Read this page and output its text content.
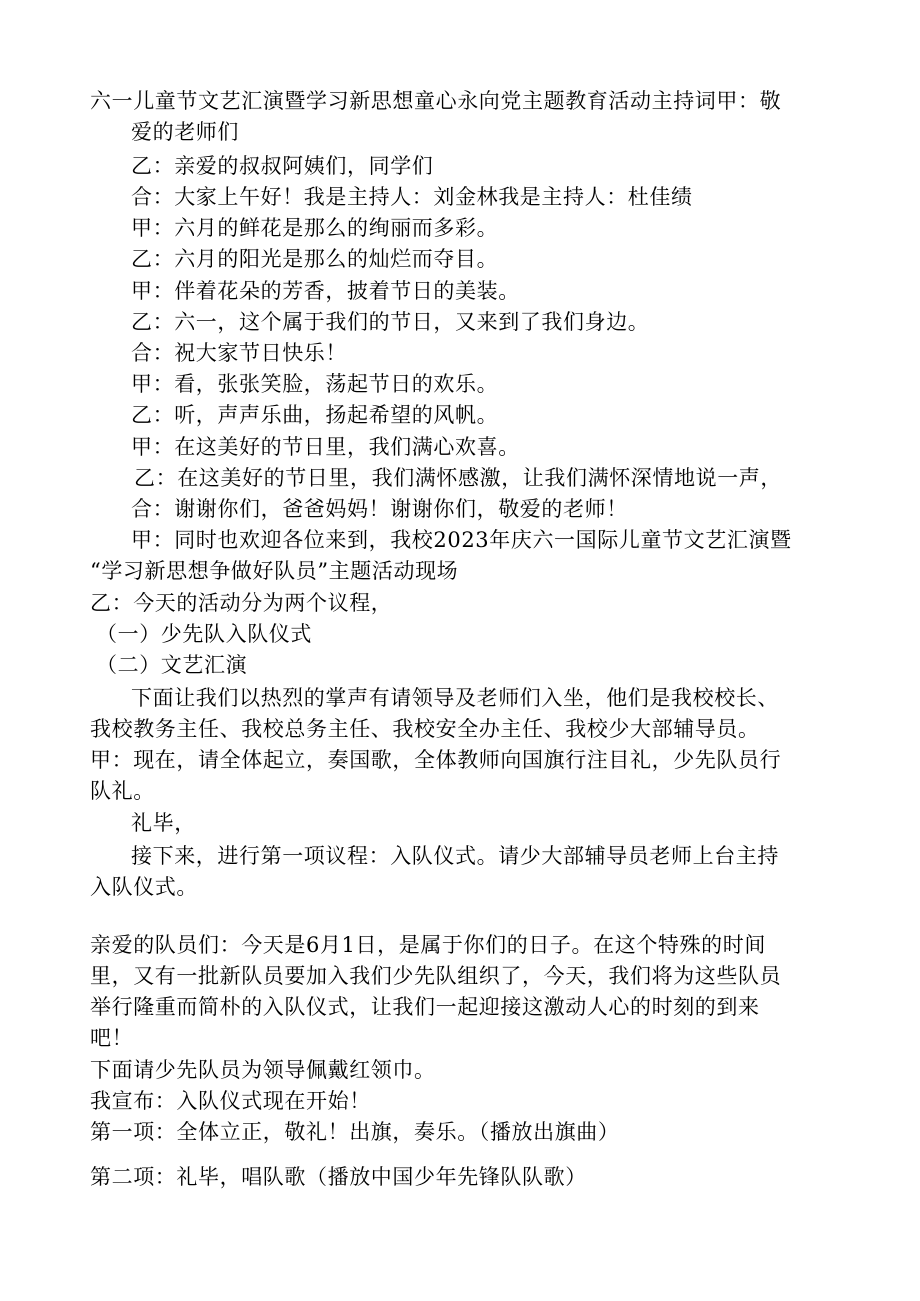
六一儿童节文艺汇演暨学习新思想童心永向党主题教育活动主持词甲：敬
爱的老师们
乙：亲爱的叔叔阿姨们，同学们
合：大家上午好！我是主持人：刘金林我是主持人：杜佳绩
甲：六月的鲜花是那么的绚丽而多彩。
乙：六月的阳光是那么的灿烂而夺目。
甲：伴着花朵的芳香，披着节日的美装。
乙：六一，这个属于我们的节日，又来到了我们身边。
合：祝大家节日快乐！
甲：看，张张笑脸，荡起节日的欢乐。
乙：听，声声乐曲，扬起希望的风帆。
甲：在这美好的节日里，我们满心欢喜。
乙：在这美好的节日里，我们满怀感激，让我们满怀深情地说一声，
合：谢谢你们，爸爸妈妈！谢谢你们，敬爱的老师！
甲：同时也欢迎各位来到，我校2023年庆六一国际儿童节文艺汇演暨
“学习新思想争做好队员”主题活动现场
乙：今天的活动分为两个议程，
（一）少先队入队仪式
（二）文艺汇演
下面让我们以热烈的掌声有请领导及老师们入坐，他们是我校校长、
我校教务主任、我校总务主任、我校安全办主任、我校少大部辅导员。
甲：现在，请全体起立，奏国歌，全体教师向国旗行注目礼，少先队员行
队礼。
礼毕，
接下来，进行第一项议程：入队仪式。请少大部辅导员老师上台主持
入队仪式。
亲爱的队员们：今天是6月1日，是属于你们的日子。在这个特殊的时间
里，又有一批新队员要加入我们少先队组织了，今天，我们将为这些队员
举行隆重而简朴的入队仪式，让我们一起迎接这激动人心的时刻的到来
吧！
下面请少先队员为领导佩戴红领巾。
我宣布：入队仪式现在开始！
第一项：全体立正，敬礼！出旗，奏乐。（播放出旗曲）
第二项：礼毕，唱队歌（播放中国少年先锋队队歌）
